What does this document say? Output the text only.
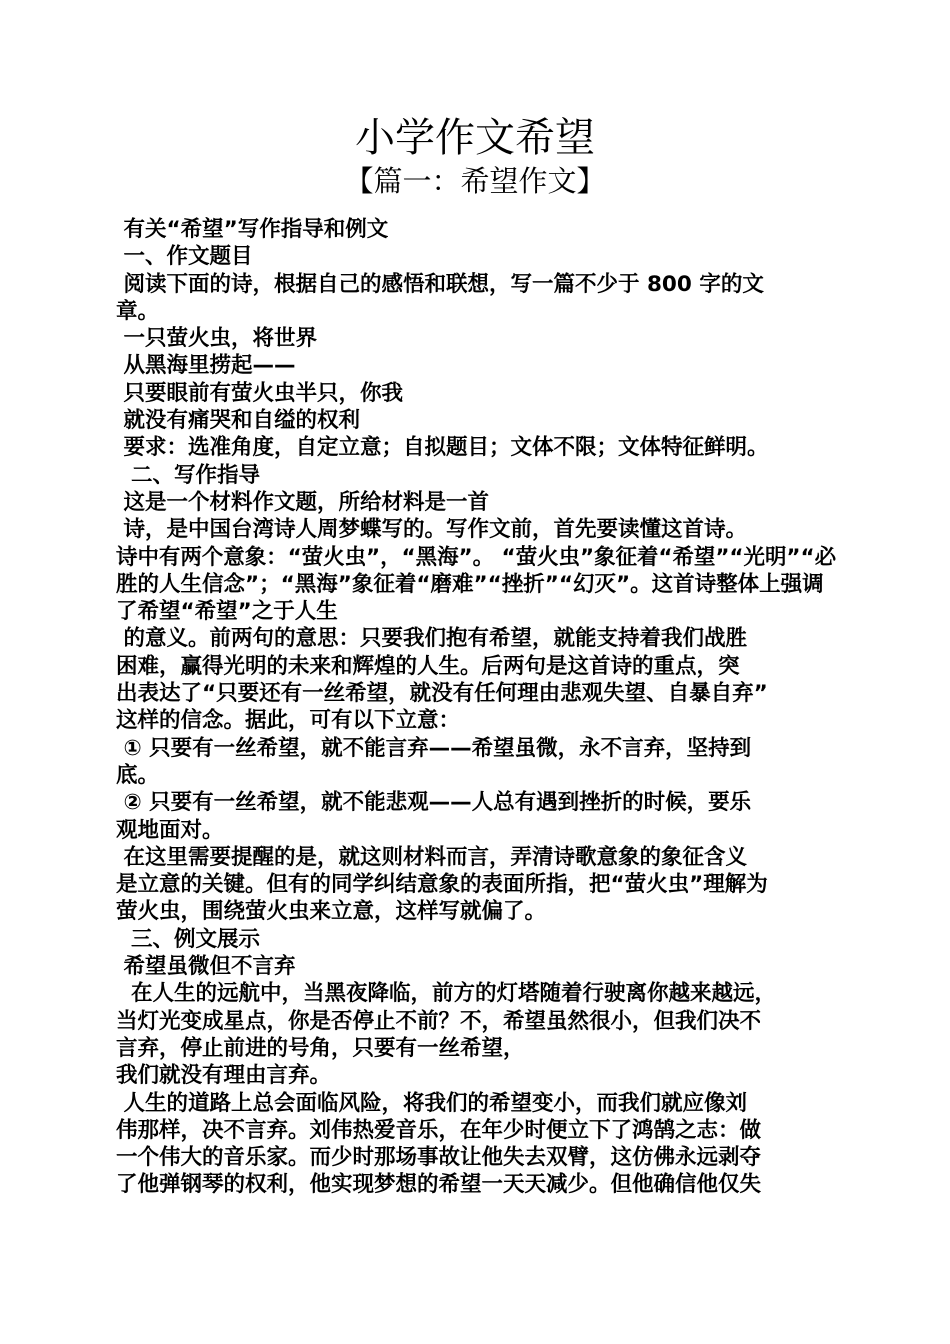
小学作文希望
【篇一：希望作文】
有关“希望”写作指导和例文
一、作文题目
阅读下面的诗，根据自己的感悟和联想，写一篇不少于 800 字的文
章。
一只萤火虫，将世界
从黑海里捞起——
只要眼前有萤火虫半只，你我
就没有痛哭和自缢的权利
要求：选准角度，自定立意；自拟题目；文体不限；文体特征鲜明。
二、写作指导
这是一个材料作文题，所给材料是一首
诗，是中国台湾诗人周梦蝶写的。写作文前，首先要读懂这首诗。
诗中有两个意象：“萤火虫”，“黑海”。 “萤火虫”象征着“希望”“光明”“必
胜的人生信念”；“黑海”象征着“磨难”“挫折”“幻灭”。这首诗整体上强调
了希望“希望”之于人生
的意义。前两句的意思：只要我们抱有希望，就能支持着我们战胜
困难，赢得光明的未来和辉煌的人生。后两句是这首诗的重点，突
出表达了“只要还有一丝希望，就没有任何理由悲观失望、自暴自弃”
这样的信念。据此，可有以下立意：
① 只要有一丝希望，就不能言弃——希望虽微，永不言弃，坚持到
底。
② 只要有一丝希望，就不能悲观——人总有遇到挫折的时候，要乐
观地面对。
在这里需要提醒的是，就这则材料而言，弄清诗歌意象的象征含义
是立意的关键。但有的同学纠结意象的表面所指，把“萤火虫”理解为
萤火虫，围绕萤火虫来立意，这样写就偏了。
三、例文展示
希望虽微但不言弃
在人生的远航中，当黑夜降临，前方的灯塔随着行驶离你越来越远，
当灯光变成星点，你是否停止不前？不，希望虽然很小，但我们决不
言弃，停止前进的号角，只要有一丝希望，
我们就没有理由言弃。
人生的道路上总会面临风险，将我们的希望变小，而我们就应像刘
伟那样，决不言弃。刘伟热爱音乐，在年少时便立下了鸿鹄之志：做
一个伟大的音乐家。而少时那场事故让他失去双臂，这仿佛永远剥夺
了他弹钢琴的权利，他实现梦想的希望一天天减少。但他确信他仅失
